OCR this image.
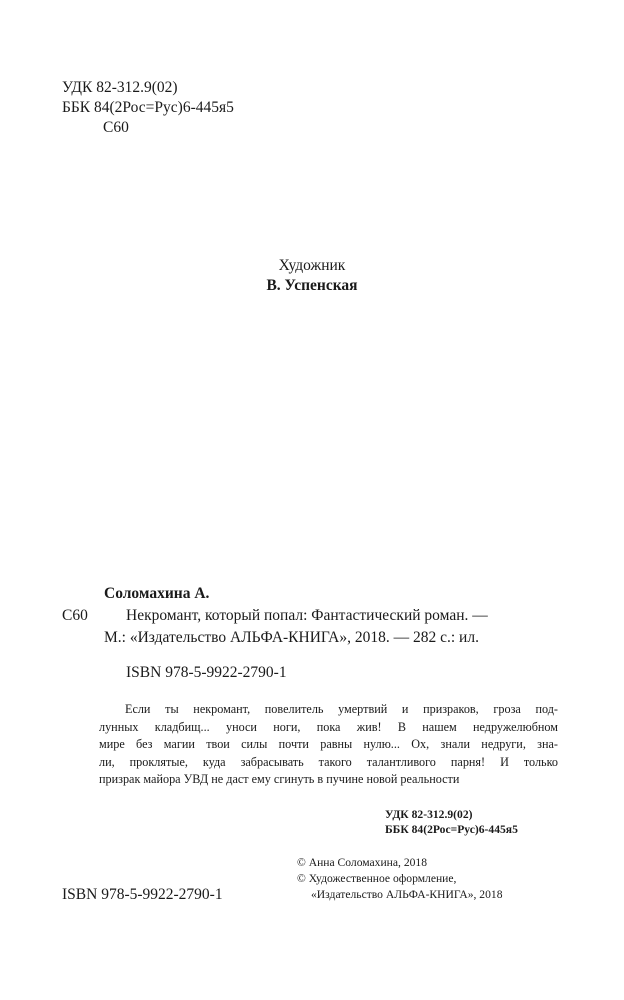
УДК 82-312.9(02)
ББК 84(2Рос=Рус)6-445я5
С60
Художник
В. Успенская
Соломахина А.
С60 Некромант, который попал: Фантастический роман. —
М.: «Издательство АЛЬФА-КНИГА», 2018. — 282 с.: ил.
ISBN 978-5-9922-2790-1
Если ты некромант, повелитель умертвий и призраков, гроза под-
лунных кладбищ... уноси ноги, пока жив! В нашем недружелюбном
мире без магии твои силы почти равны нулю... Ох, знали недруги, зна-
ли, проклятые, куда забрасывать такого талантливого парня! И только
призрак майора УВД не даст ему сгинуть в пучине новой реальности
УДК 82-312.9(02)
ББК 84(2Рос=Рус)6-445я5
© Анна Соломахина, 2018
© Художественное оформление,
«Издательство АЛЬФА-КНИГА», 2018
ISBN 978-5-9922-2790-1
